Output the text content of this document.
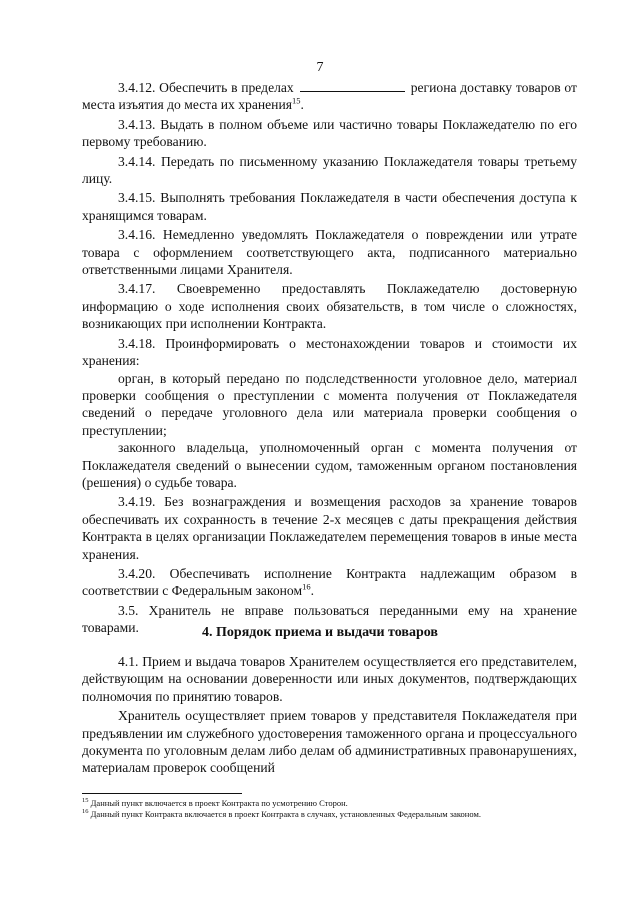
7

3.4.12. Обеспечить в пределах	региона доставку товаров от места изъятия до места их хранения$^{15}$.

3.4.13. Выдать в полном объеме или частично товары Поклажедателю по его первому требованию.

3.4.14. Передать по письменному указанию Поклажедателя товары третьему лицу.

3.4.15. Выполнять требования Поклажедателя в части обеспечения доступа к хранящимся товарам.

3.4.16. Немедленно уведомлять Поклажедателя о повреждении или утрате товара с оформлением соответствующего акта, подписанного материально ответственными лицами Хранителя.

3.4.17. Своевременно предоставлять Поклажедателю достоверную информацию о ходе исполнения своих обязательств, в том числе о сложностях, возникающих при исполнении Контракта.

3.4.18. Проинформировать о местонахождении товаров и стоимости их хранения:

орган, в который передано по подследственности уголовное дело, материал проверки сообщения о преступлении с момента получения от Поклажедателя сведений о передаче уголовного дела или материала проверки сообщения о преступлении;

законного владельца, уполномоченный орган с момента получения от Поклажедателя сведений о вынесении судом, таможенным органом постановления (решения) о судьбе товара.

3.4.19. Без вознаграждения и возмещения расходов за хранение товаров обеспечивать их сохранность в течение 2-х месяцев с даты прекращения действия Контракта в целях организации Поклажедателем перемещения товаров в иные места хранения.

3.4.20. Обеспечивать исполнение Контракта надлежащим образом в соответствии с Федеральным законом$^{16}$.

3.5. Хранитель не вправе пользоваться переданными ему на хранение товарами.	4. Порядок приема и выдачи товаров

4.1. Прием и выдача товаров Хранителем осуществляется его представителем, действующим на основании доверенности или иных документов, подтверждающих полномочия по принятию товаров.

Хранитель осуществляет прием товаров у представителя Поклажедателя при предъявлении им служебного удостоверения таможенного органа и процессуального документа по уголовным делам либо делам об административных правонарушениях, материалам проверок сообщений

$^{15}$ Данный пункт включается в проект Контракта по усмотрению Сторон.

$^{16}$ Данный пункт Контракта включается в проект Контракта в случаях, установленных Федеральным законом.
